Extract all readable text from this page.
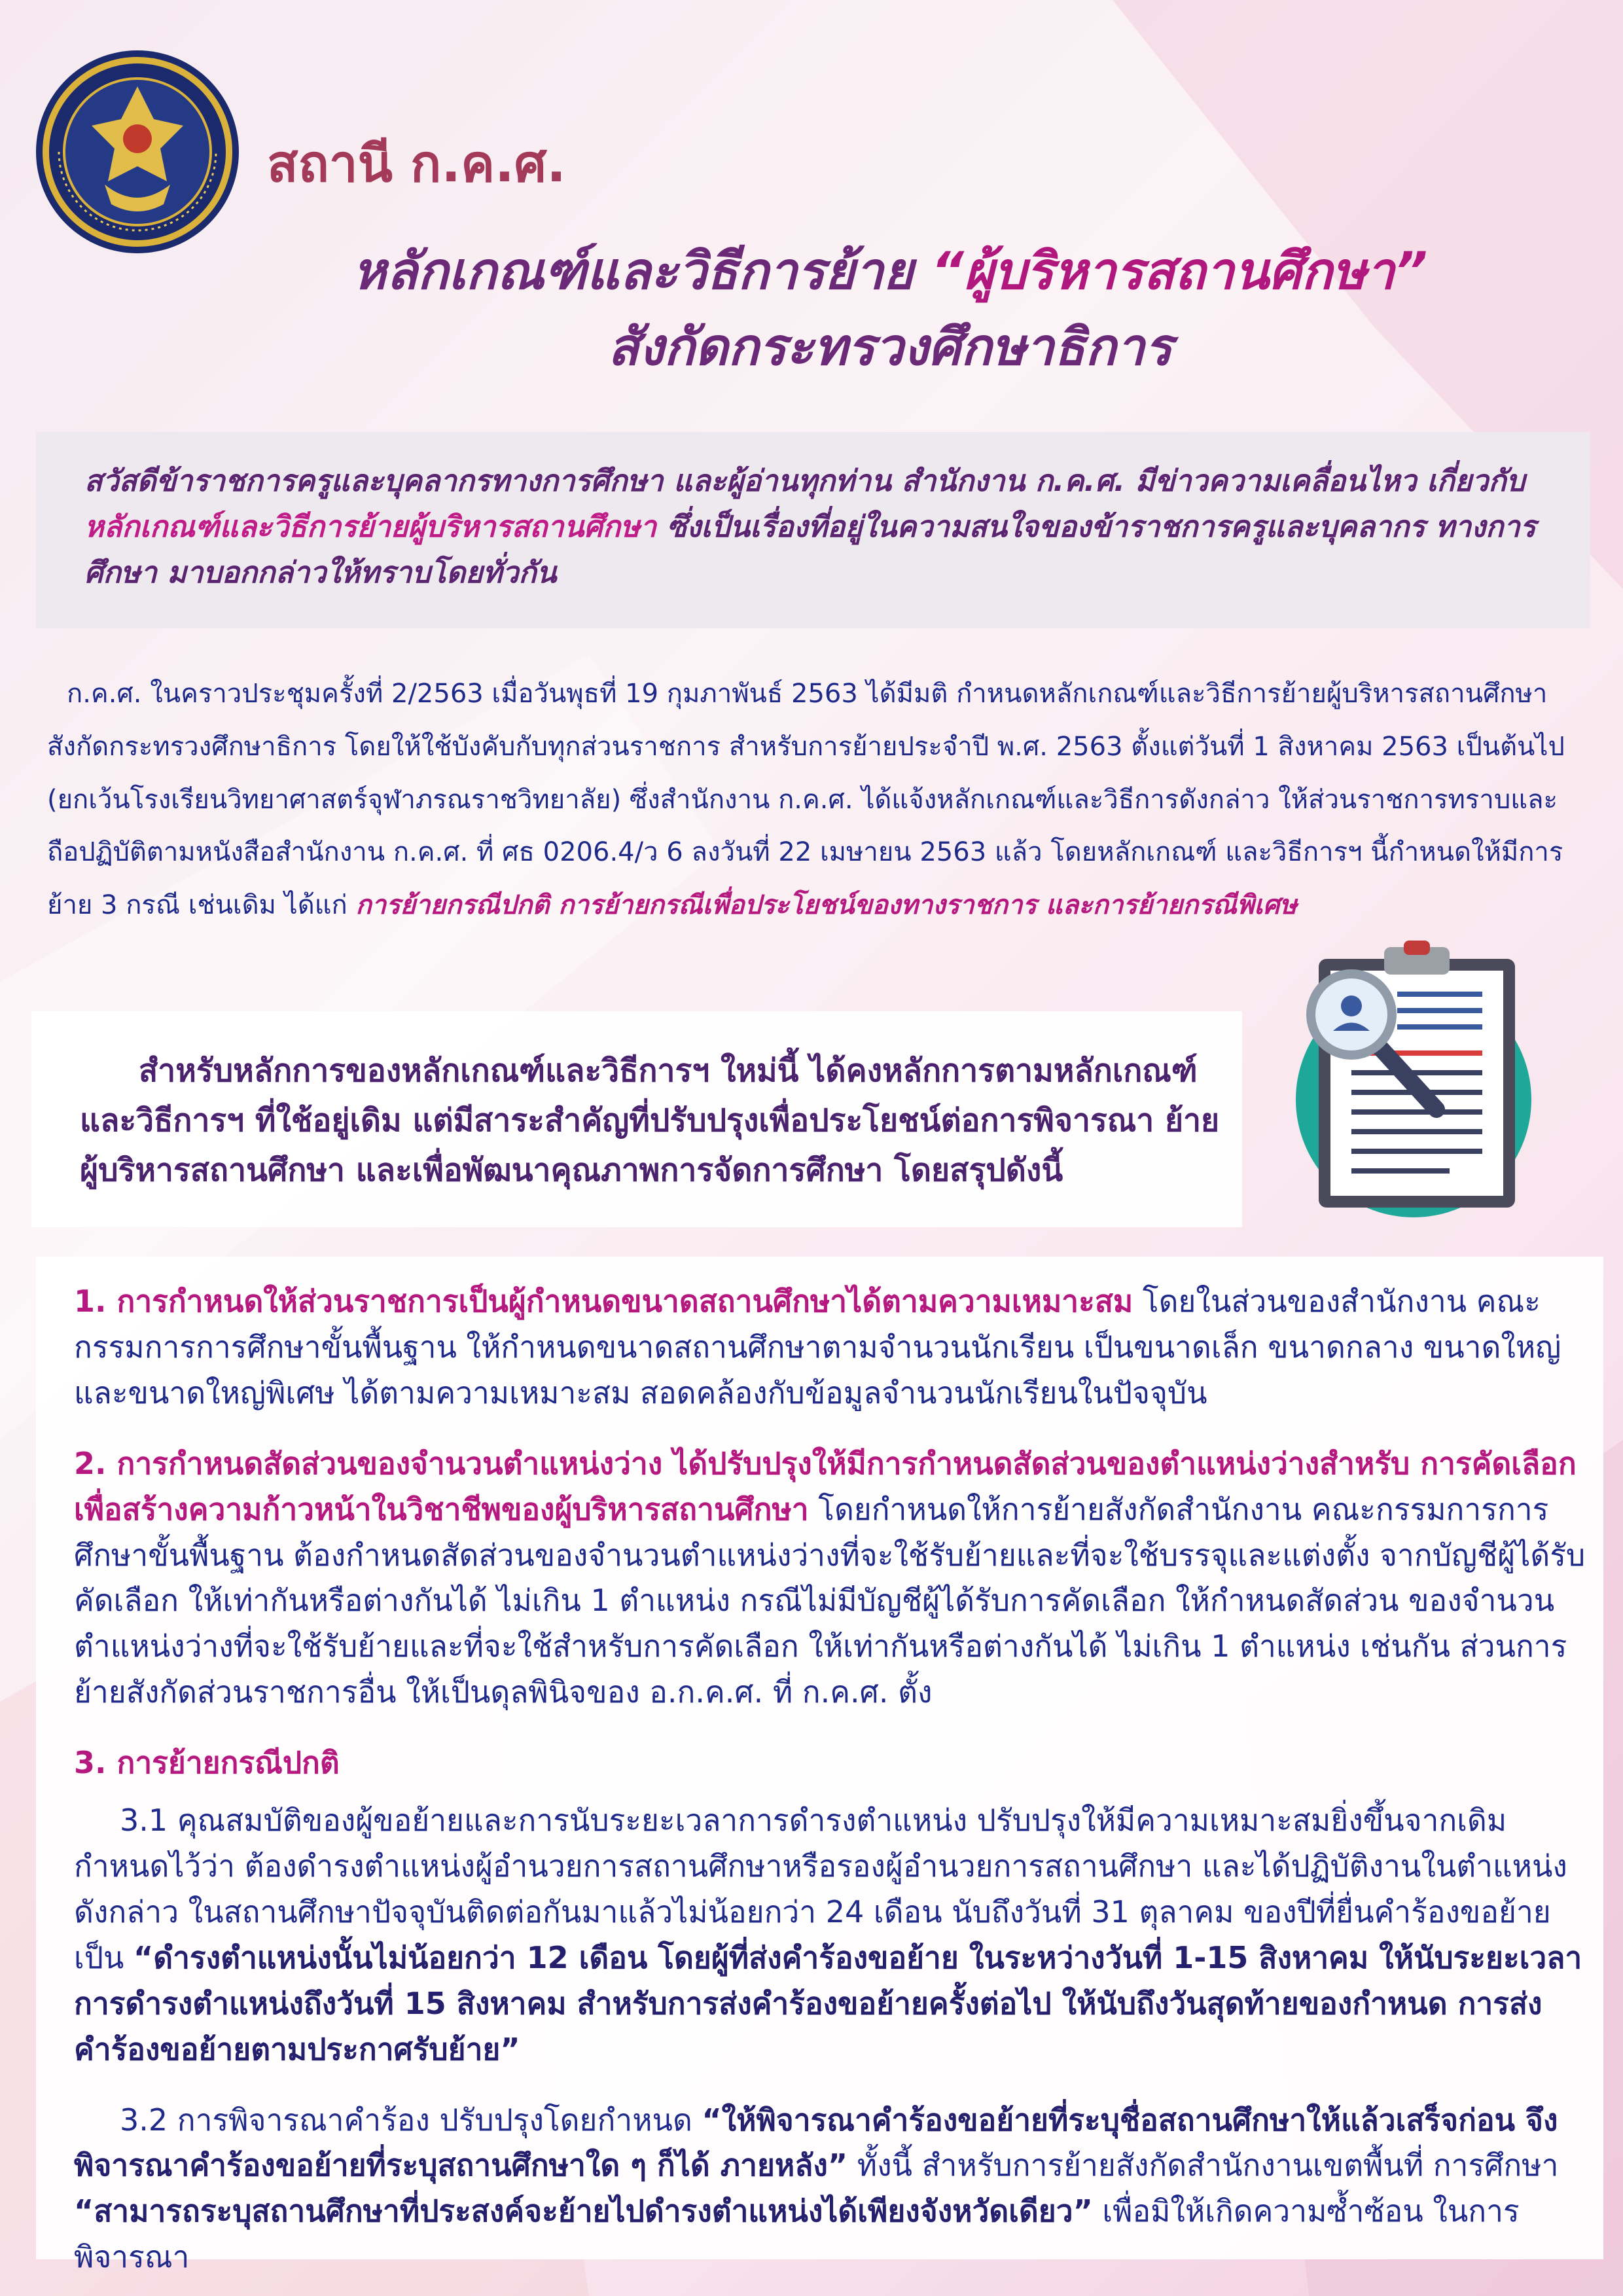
สถานี ก.ค.ศ.
หลักเกณฑ์และวิธีการย้าย “ผู้บริหารสถานศึกษา”
สังกัดกระทรวงศึกษาธิการ
สวัสดีข้าราชการครูและบุคลากรทางการศึกษา และผู้อ่านทุกท่าน สำนักงาน ก.ค.ศ. มีข่าวความเคลื่อนไหว เกี่ยวกับหลักเกณฑ์และวิธีการย้ายผู้บริหารสถานศึกษา ซึ่งเป็นเรื่องที่อยู่ในความสนใจของข้าราชการครูและบุคลากร ทางการศึกษา มาบอกกล่าวให้ทราบโดยทั่วกัน

ก.ค.ศ. ในคราวประชุมครั้งที่ 2/2563 เมื่อวันพุธที่ 19 กุมภาพันธ์ 2563 ได้มีมติ กำหนดหลักเกณฑ์และวิธีการย้ายผู้บริหารสถานศึกษา สังกัดกระทรวงศึกษาธิการ โดยให้ใช้บังคับกับทุกส่วนราชการ สำหรับการย้ายประจำปี พ.ศ. 2563 ตั้งแต่วันที่ 1 สิงหาคม 2563 เป็นต้นไป (ยกเว้นโรงเรียนวิทยาศาสตร์จุฬาภรณราชวิทยาลัย) ซึ่งสำนักงาน ก.ค.ศ. ได้แจ้งหลักเกณฑ์และวิธีการดังกล่าว ให้ส่วนราชการทราบและถือปฏิบัติตามหนังสือสำนักงาน ก.ค.ศ. ที่ ศธ 0206.4/ว 6 ลงวันที่ 22 เมษายน 2563 แล้ว โดยหลักเกณฑ์ และวิธีการฯ นี้กำหนดให้มีการย้าย 3 กรณี เช่นเดิม ได้แก่ การย้ายกรณีปกติ การย้ายกรณีเพื่อประโยชน์ของทางราชการ และการย้ายกรณีพิเศษ

สำหรับหลักการของหลักเกณฑ์และวิธีการฯ ใหม่นี้ ได้คงหลักการตามหลักเกณฑ์ และวิธีการฯ ที่ใช้อยู่เดิม แต่มีสาระสำคัญที่ปรับปรุงเพื่อประโยชน์ต่อการพิจารณา ย้ายผู้บริหารสถานศึกษา และเพื่อพัฒนาคุณภาพการจัดการศึกษา โดยสรุปดังนี้

1. การกำหนดให้ส่วนราชการเป็นผู้กำหนดขนาดสถานศึกษาได้ตามความเหมาะสม โดยในส่วนของสำนักงาน คณะกรรมการการศึกษาขั้นพื้นฐาน ให้กำหนดขนาดสถานศึกษาตามจำนวนนักเรียน เป็นขนาดเล็ก ขนาดกลาง ขนาดใหญ่ และขนาดใหญ่พิเศษ ได้ตามความเหมาะสม สอดคล้องกับข้อมูลจำนวนนักเรียนในปัจจุบัน

2. การกำหนดสัดส่วนของจำนวนตำแหน่งว่าง ได้ปรับปรุงให้มีการกำหนดสัดส่วนของตำแหน่งว่างสำหรับ การคัดเลือก เพื่อสร้างความก้าวหน้าในวิชาชีพของผู้บริหารสถานศึกษา โดยกำหนดให้การย้ายสังกัดสำนักงาน คณะกรรมการการศึกษาขั้นพื้นฐาน ต้องกำหนดสัดส่วนของจำนวนตำแหน่งว่างที่จะใช้รับย้ายและที่จะใช้บรรจุและแต่งตั้ง จากบัญชีผู้ได้รับคัดเลือก ให้เท่ากันหรือต่างกันได้ ไม่เกิน 1 ตำแหน่ง กรณีไม่มีบัญชีผู้ได้รับการคัดเลือก ให้กำหนดสัดส่วน ของจำนวนตำแหน่งว่างที่จะใช้รับย้ายและที่จะใช้สำหรับการคัดเลือก ให้เท่ากันหรือต่างกันได้ ไม่เกิน 1 ตำแหน่ง เช่นกัน ส่วนการย้ายสังกัดส่วนราชการอื่น ให้เป็นดุลพินิจของ อ.ก.ค.ศ. ที่ ก.ค.ศ. ตั้ง

3. การย้ายกรณีปกติ

3.1 คุณสมบัติของผู้ขอย้ายและการนับระยะเวลาการดำรงตำแหน่ง ปรับปรุงให้มีความเหมาะสมยิ่งขึ้นจากเดิมกำหนดไว้ว่า ต้องดำรงตำแหน่งผู้อำนวยการสถานศึกษาหรือรองผู้อำนวยการสถานศึกษา และได้ปฏิบัติงานในตำแหน่งดังกล่าว ในสถานศึกษาปัจจุบันติดต่อกันมาแล้วไม่น้อยกว่า 24 เดือน นับถึงวันที่ 31 ตุลาคม ของปีที่ยื่นคำร้องขอย้าย เป็น “ดำรงตำแหน่งนั้นไม่น้อยกว่า 12 เดือน โดยผู้ที่ส่งคำร้องขอย้าย ในระหว่างวันที่ 1-15 สิงหาคม ให้นับระยะเวลา การดำรงตำแหน่งถึงวันที่ 15 สิงหาคม สำหรับการส่งคำร้องขอย้ายครั้งต่อไป ให้นับถึงวันสุดท้ายของกำหนด การส่งคำร้องขอย้ายตามประกาศรับย้าย”

3.2 การพิจารณาคำร้อง ปรับปรุงโดยกำหนด “ให้พิจารณาคำร้องขอย้ายที่ระบุชื่อสถานศึกษาให้แล้วเสร็จก่อน จึงพิจารณาคำร้องขอย้ายที่ระบุสถานศึกษาใด ๆ ก็ได้ ภายหลัง” ทั้งนี้ สำหรับการย้ายสังกัดสำนักงานเขตพื้นที่ การศึกษา “สามารถระบุสถานศึกษาที่ประสงค์จะย้ายไปดำรงตำแหน่งได้เพียงจังหวัดเดียว” เพื่อมิให้เกิดความซ้ำซ้อน ในการพิจารณา
